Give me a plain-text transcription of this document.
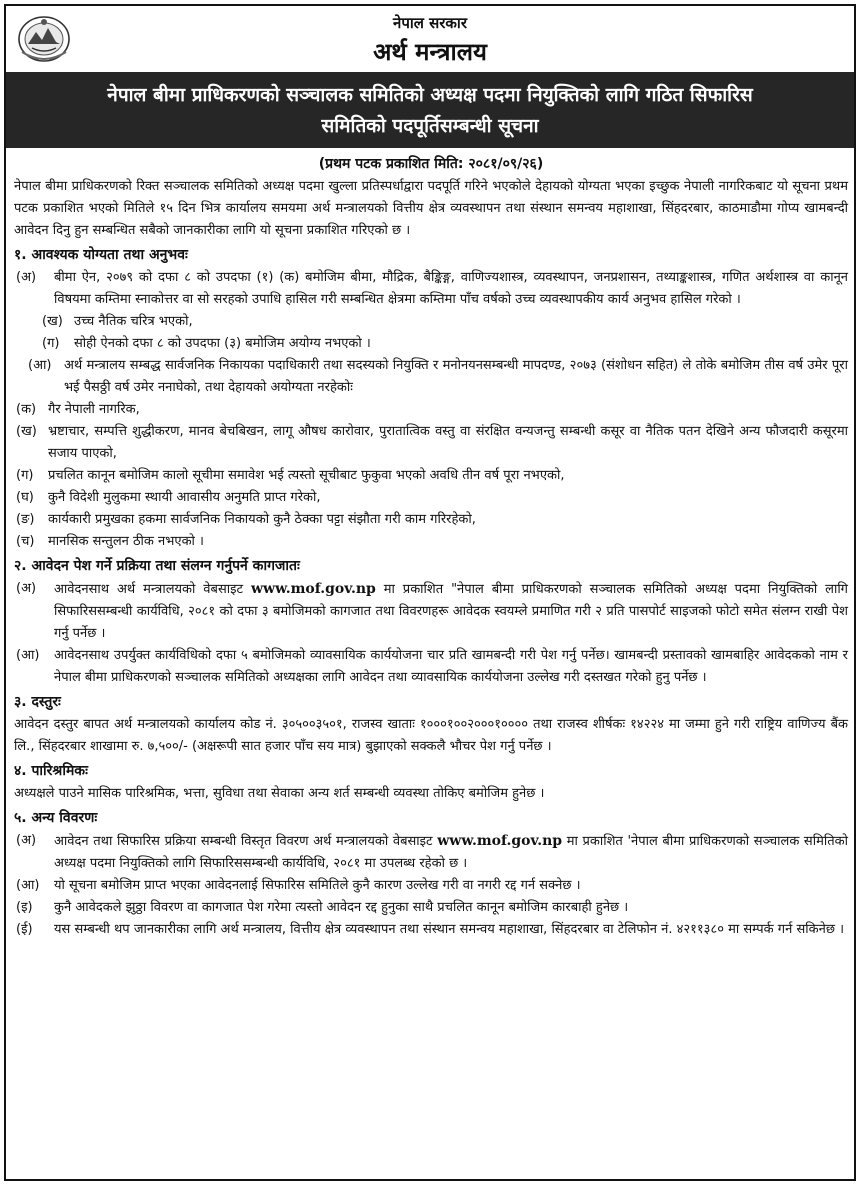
नेपाल सरकार
अर्थ मन्त्रालय
नेपाल बीमा प्राधिकरणको सञ्चालक समितिको अध्यक्ष पदमा नियुक्तिको लागि गठित सिफारिस
समितिको पदपूर्तिसम्बन्धी सूचना
(प्रथम पटक प्रकाशित मिति: २०८१/०९/२६)

नेपाल बीमा प्राधिकरणको रिक्त सञ्चालक समितिको अध्यक्ष पदमा खुल्ला प्रतिस्पर्धाद्वारा पदपूर्ति गरिने भएकोले देहायको योग्यता भएका इच्छुक नेपाली नागरिकबाट यो सूचना प्रथम पटक प्रकाशित भएको मितिले १५ दिन भित्र कार्यालय समयमा अर्थ मन्त्रालयको वित्तीय क्षेत्र व्यवस्थापन तथा संस्थान समन्वय महाशाखा, सिंहदरबार, काठमाडौमा गोप्य खामबन्दी आवेदन दिनु हुन सम्बन्धित सबैको जानकारीका लागि यो सूचना प्रकाशित गरिएको छ ।

१. आवश्यक योग्यता तथा अनुभवः
(अ)	बीमा ऐन, २०७९ को दफा ८ को उपदफा (१) (क) बमोजिम बीमा, मौद्रिक, बैङ्किङ्ग, वाणिज्यशास्त्र, व्यवस्थापन, जनप्रशासन, तथ्याङ्कशास्त्र, गणित अर्थशास्त्र वा कानून विषयमा कम्तिमा स्नाकोत्तर वा सो सरहको उपाधि हासिल गरी सम्बन्धित क्षेत्रमा कम्तिमा पाँच वर्षको उच्च व्यवस्थापकीय कार्य अनुभव हासिल गरेको ।
(ख) उच्च नैतिक चरित्र भएको,
(ग)	सोही ऐनको दफा ८ को उपदफा (३) बमोजिम अयोग्य नभएको ।
(आ) अर्थ मन्त्रालय सम्बद्ध सार्वजनिक निकायका पदाधिकारी तथा सदस्यको नियुक्ति र मनोनयनसम्बन्धी मापदण्ड, २०७३ (संशोधन सहित) ले तोके बमोजिम तीस वर्ष उमेर पूरा भई पैसठ्ठी वर्ष उमेर ननाघेको, तथा देहायको अयोग्यता नरहेकोः
(क) गैर नेपाली नागरिक,
(ख) भ्रष्टाचार, सम्पत्ति शुद्धीकरण, मानव बेचबिखन, लागू औषध कारोवार, पुरातात्विक वस्तु वा संरक्षित वन्यजन्तु सम्बन्धी कसूर वा नैतिक पतन देखिने अन्य फौजदारी कसूरमा सजाय पाएको,
(ग)	प्रचलित कानून बमोजिम कालो सूचीमा समावेश भई त्यस्तो सूचीबाट फुकुवा भएको अवधि तीन वर्ष पूरा नभएको,
(घ)	कुनै विदेशी मुलुकमा स्थायी आवासीय अनुमति प्राप्त गरेको,
(ङ)	कार्यकारी प्रमुखका हकमा सार्वजनिक निकायको कुनै ठेक्का पट्टा संझौता गरी काम गरिरहेको,
(च)	मानसिक सन्तुलन ठीक नभएको ।
२. आवेदन पेश गर्ने प्रक्रिया तथा संलग्न गर्नुपर्ने कागजातः
(अ)	आवेदनसाथ अर्थ मन्त्रालयको वेबसाइट www.mof.gov.np मा प्रकाशित "नेपाल बीमा प्राधिकरणको सञ्चालक समितिको अध्यक्ष पदमा नियुक्तिको लागि सिफारिससम्बन्धी कार्यविधि, २०८१ को दफा ३ बमोजिमको कागजात तथा विवरणहरू आवेदक स्वयम्ले प्रमाणित गरी २ प्रति पासपोर्ट साइजको फोटो समेत संलग्न राखी पेश गर्नु पर्नेछ ।
(आ)	आवेदनसाथ उपर्युक्त कार्यविधिको दफा ५ बमोजिमको व्यावसायिक कार्ययोजना चार प्रति खामबन्दी गरी पेश गर्नु पर्नेछ। खामबन्दी प्रस्तावको खामबाहिर आवेदकको नाम र नेपाल बीमा प्राधिकरणको सञ्चालक समितिको अध्यक्षका लागि आवेदन तथा व्यावसायिक कार्ययोजना उल्लेख गरी दस्तखत गरेको हुनु पर्नेछ ।
३. दस्तुरः

आवेदन दस्तुर बापत अर्थ मन्त्रालयको कार्यालय कोड नं. ३०५००३५०१, राजस्व खाताः १०००१००२०००१०००० तथा राजस्व शीर्षकः १४२२४ मा जम्मा हुने गरी राष्ट्रिय वाणिज्य बैंक लि., सिंहदरबार शाखामा रु. ७,५००/- (अक्षरूपी सात हजार पाँच सय मात्र) बुझाएको सक्कलै भौचर पेश गर्नु पर्नेछ ।

४. पारिश्रमिकः

अध्यक्षले पाउने मासिक पारिश्रमिक, भत्ता, सुविधा तथा सेवाका अन्य शर्त सम्बन्धी व्यवस्था तोकिए बमोजिम हुनेछ ।

५. अन्य विवरणः
(अ)	आवेदन तथा सिफारिस प्रक्रिया सम्बन्धी विस्तृत विवरण अर्थ मन्त्रालयको वेबसाइट www.mof.gov.np मा प्रकाशित 'नेपाल बीमा प्राधिकरणको सञ्चालक समितिको अध्यक्ष पदमा नियुक्तिको लागि सिफारिससम्बन्धी कार्यविधि, २०८१ मा उपलब्ध रहेको छ ।
(आ)	यो सूचना बमोजिम प्राप्त भएका आवेदनलाई सिफारिस समितिले कुनै कारण उल्लेख गरी वा नगरी रद्द गर्न सक्नेछ ।
(इ)	कुनै आवेदकले झुठ्ठा विवरण वा कागजात पेश गरेमा त्यस्तो आवेदन रद्द हुनुका साथै प्रचलित कानून बमोजिम कारबाही हुनेछ ।
(ई)	यस सम्बन्धी थप जानकारीका लागि अर्थ मन्त्रालय, वित्तीय क्षेत्र व्यवस्थापन तथा संस्थान समन्वय महाशाखा, सिंहदरबार वा टेलिफोन नं. ४२११३८० मा सम्पर्क गर्न सकिनेछ ।
